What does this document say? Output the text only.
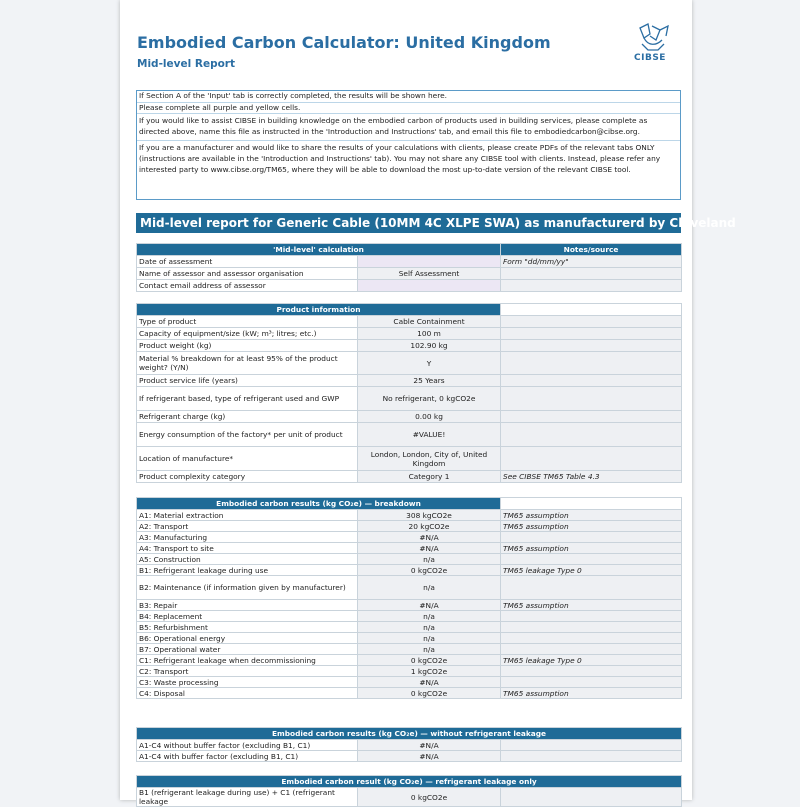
Embodied Carbon Calculator: United Kingdom
Mid-level Report	CIBSE
If Section A of the 'Input' tab is correctly completed, the results will be shown here.
Please complete all purple and yellow cells.
If you would like to assist CIBSE in building knowledge on the embodied carbon of products used in building services, please complete as directed above, name this file as instructed in the 'Introduction and Instructions' tab, and email this file to embodiedcarbon@cibse.org.
If you are a manufacturer and would like to share the results of your calculations with clients, please create PDFs of the relevant tabs ONLY (instructions are available in the 'Introduction and Instructions' tab). You may not share any CIBSE tool with clients. Instead, please refer any interested party to www.cibse.org/TM65, where they will be able to download the most up-to-date version of the relevant CIBSE tool.
Mid-level report for Generic Cable (10MM 4C XLPE SWA) as manufacturerd by Cleveland
'Mid-level' calculation		Notes/source
Date of assessment		Form "dd/mm/yy"
Name of assessor and assessor organisation	Self Assessment	
Contact email address of assessor		
Product information		
Type of product	Cable Containment	
Capacity of equipment/size (kW; m³; litres; etc.)	100 m	
Product weight (kg)	102.90 kg	
Material % breakdown for at least 95% of the product weight? (Y/N)	Y	
Product service life (years)	25 Years	
If refrigerant based, type of refrigerant used and GWP	No refrigerant, 0 kgCO2e	
Refrigerant charge (kg)	0.00 kg	
Energy consumption of the factory* per unit of product	#VALUE!	
Location of manufacture*	London, London, City of, United Kingdom	
Product complexity category	Category 1	See CIBSE TM65 Table 4.3
Embodied carbon results (kg CO₂e) — breakdown		
A1: Material extraction	308 kgCO2e	TM65 assumption
A2: Transport	20 kgCO2e	TM65 assumption
A3: Manufacturing	#N/A	
A4: Transport to site	#N/A	TM65 assumption
A5: Construction	n/a	
B1: Refrigerant leakage during use	0 kgCO2e	TM65 leakage Type 0
B2: Maintenance (if information given by manufacturer)	n/a	
B3: Repair	#N/A	TM65 assumption
B4: Replacement	n/a	
B5: Refurbishment	n/a	
B6: Operational energy	n/a	
B7: Operational water	n/a	
C1: Refrigerant leakage when decommissioning	0 kgCO2e	TM65 leakage Type 0
C2: Transport	1 kgCO2e	
C3: Waste processing	#N/A	
C4: Disposal	0 kgCO2e	TM65 assumption
Embodied carbon results (kg CO₂e) — without refrigerant leakage		
A1-C4 without buffer factor (excluding B1, C1)	#N/A	
A1-C4 with buffer factor (excluding B1, C1)	#N/A	
Embodied carbon result (kg CO₂e) — refrigerant leakage only
B1 (refrigerant leakage during use) + C1 (refrigerant leakage	0 kgCO2e	
